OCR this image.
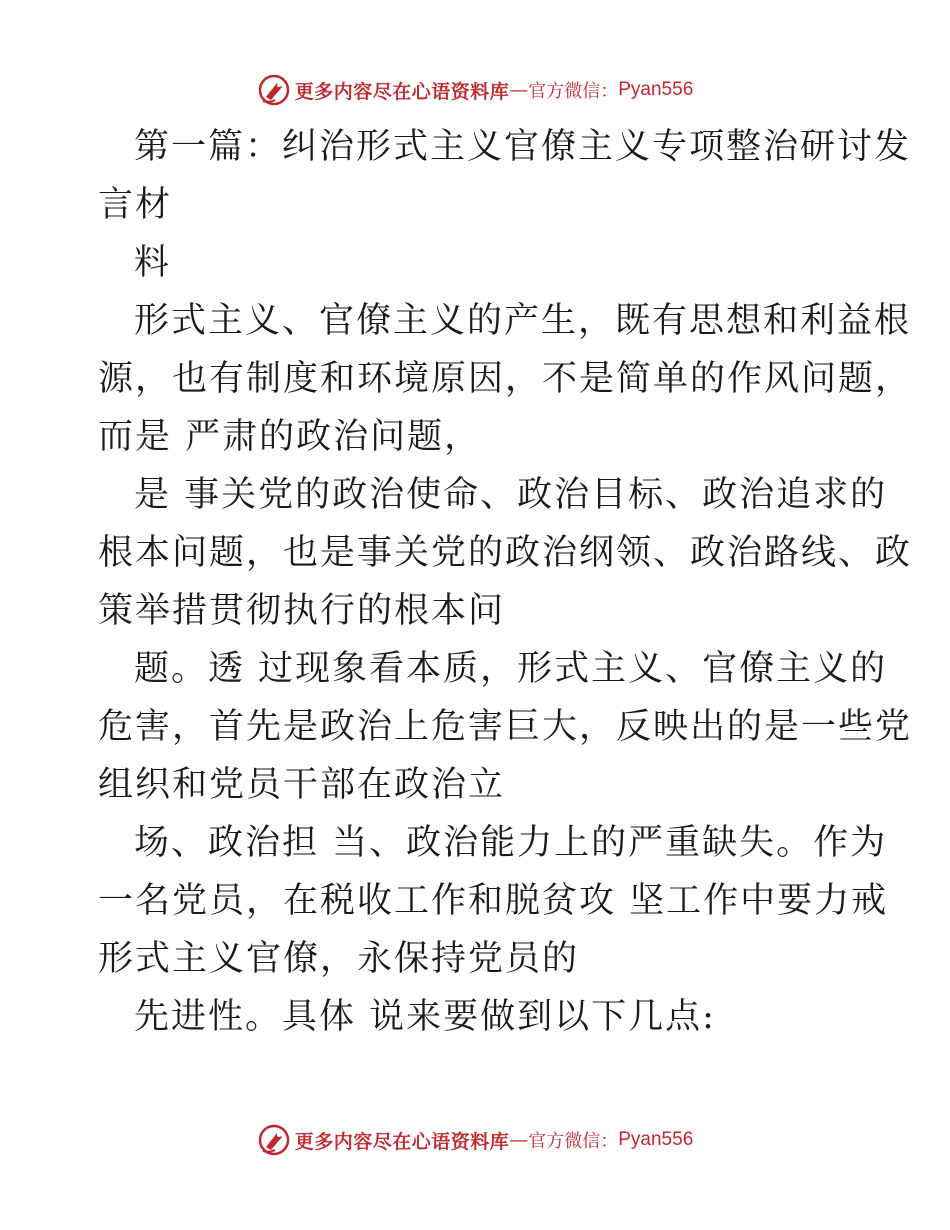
更多内容尽在心语资料库 — 官方微信： Pyan556
第一篇：纠治形式主义官僚主义专项整治研讨发
言材
料
形式主义、官僚主义的产生，既有思想和利益根
源，也有制度和环境原因，不是简单的作风问题，
而是 严肃的政治问题，
是 事关党的政治使命、政治目标、政治追求的
根本问题，也是事关党的政治纲领、政治路线、政
策举措贯彻执行的根本问
题。透 过现象看本质，形式主义、官僚主义的
危害，首先是政治上危害巨大，反映出的是一些党
组织和党员干部在政治立
场、政治担 当、政治能力上的严重缺失。作为
一名党员，在税收工作和脱贫攻 坚工作中要力戒
形式主义官僚，永保持党员的
先进性。具体 说来要做到以下几点:
更多内容尽在心语资料库 — 官方微信： Pyan556
